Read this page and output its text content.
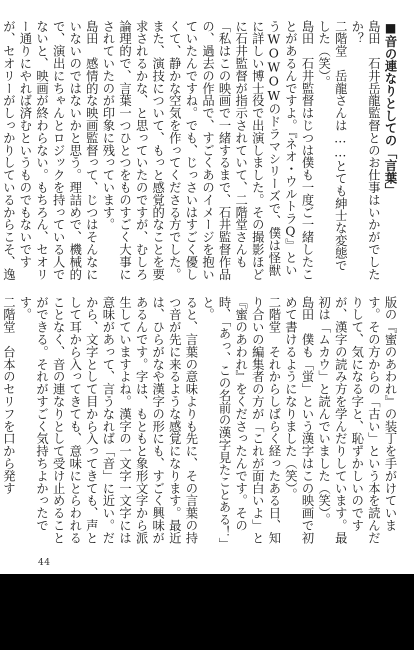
■音の連なりとしての「言葉」

島田　石井岳龍監督とのお仕事はいかがでしたか？

二階堂　岳龍さんは……とても紳士な変態でした（笑）。

島田　石井監督はじつは僕も一度ご一緒したことがあるんですよ。『ネオ・ウルトラQ』というWOWOWのドラマシリーズで、僕は怪獣に詳しい博士役で出演しました。その撮影ほどに石井監督が指示されていて、二階堂さんも「私はこの映画で一緒するまで、石井監督作品の、過去の作品で、すごくあのイメージを抱いていたんですね。でも、じっさいはすごく優しくて、静かな空気を作ってくださる方でした。また、演技について、もっと感覚的なことを要求されるかな、と思っていたのですが、むしろ論理的で、言葉一つひとつをものすごく大事にされていたのが印象に残っています。

島田　感情的な映画監督って、じつはそんなにいないのではないかと思う。理詰めで、機械的で、演出にちゃんとロジックを持っている人でないと、映画が終わらない。もちろん、セオリー通りにやれば済むというものでもないですが、セオリーがしっかりしているからこそ、逸

版の『蜜のあわれ』の装丁を手がけています。その方からの「古い」という本を読んだりして、気になる字と、恥ずかしいのですが、漢字の読み方を学んだりしています。最初は「ムカウ」と読んでいました（笑）。

島田　僕も「蛍」という漢字はこの映画で初めて書けるようになりました（笑）。

二階堂　それからしばらく経ったある日、知り合いの編集者の方が「これが面白いよ」と『蜜のあわれ』をくださったんです。その時、「あっ、この名前の漢字見たことある！」と。

ると、言葉の意味よりも先に、その言葉の持つ音が先に来るような感覚になります。最近は、ひらがなや漢字の形にも、すごく興味があるんです。字は、もともと象形文字から派生していますよね。漢字の一文字一文字には意味があって、言うなれば「音」に近い。だから、文字として目から入ってきても、声として耳から入ってきても、意味にとらわれることなく、音の連なりとして受け止めることができる。それがすごく気持ちよかったです。

二階堂　台本のセリフを口から発す

44
